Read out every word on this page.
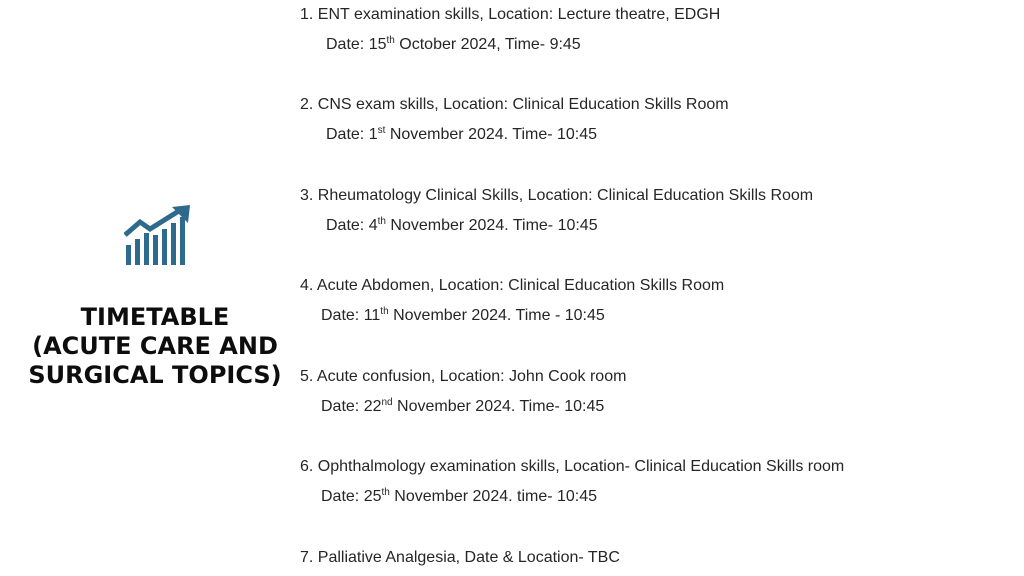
TIMETABLE
(ACUTE CARE AND
SURGICAL TOPICS)
1. ENT examination skills, Location: Lecture theatre, EDGH
Date: 15th October 2024, Time- 9:45
2. CNS exam skills, Location: Clinical Education Skills Room
Date: 1st November 2024. Time- 10:45
3. Rheumatology Clinical Skills, Location: Clinical Education Skills Room
Date: 4th November 2024. Time- 10:45
4. Acute Abdomen, Location: Clinical Education Skills Room
Date: 11th November 2024. Time - 10:45
5. Acute confusion, Location: John Cook room
Date: 22nd November 2024. Time- 10:45
6. Ophthalmology examination skills, Location- Clinical Education Skills room
Date: 25th November 2024. time- 10:45
7. Palliative Analgesia, Date & Location- TBC
